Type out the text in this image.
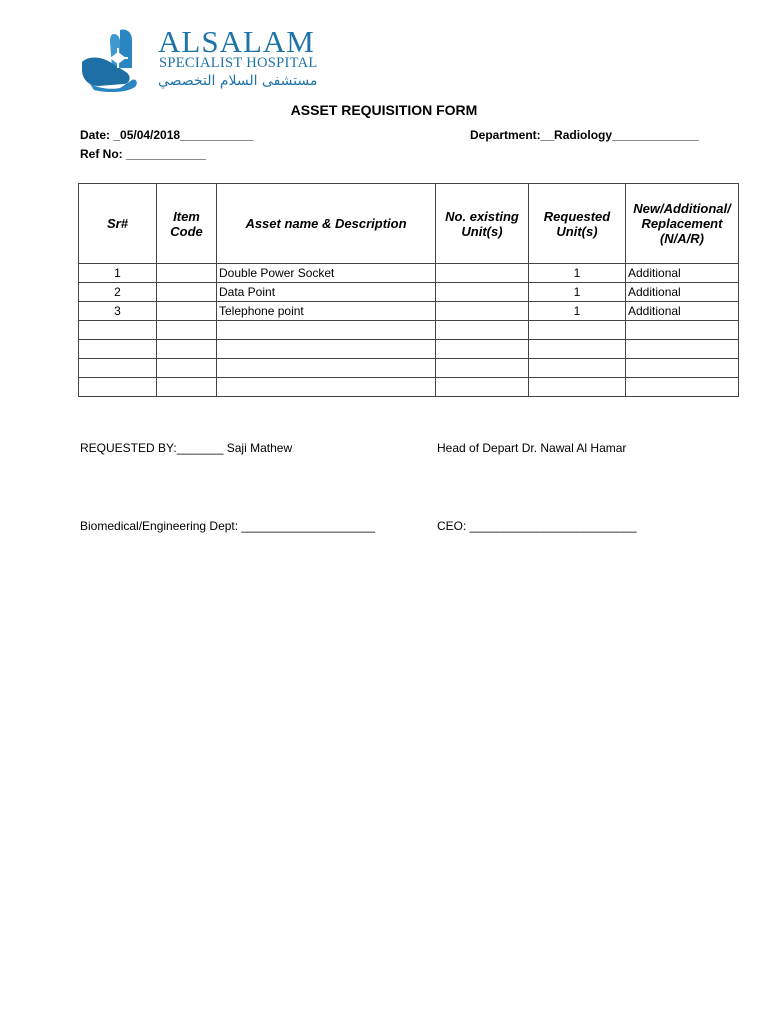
ALSALAM
SPECIALIST HOSPITAL
مستشفى السلام التخصصي
ASSET REQUISITION FORM
Date: _05/04/2018___________	Department:__Radiology_____________
Ref No: ____________
Sr#	Item Code	Asset name & Description	No. existing Unit(s)	Requested Unit(s)	New/Additional/ Replacement (N/A/R)
1		Double Power Socket		1	Additional
2		Data Point		1	Additional
3		Telephone point		1	Additional

REQUESTED BY:_______ Saji Mathew	Head of Depart Dr. Nawal Al Hamar
Biomedical/Engineering Dept: ____________________	CEO: _________________________
